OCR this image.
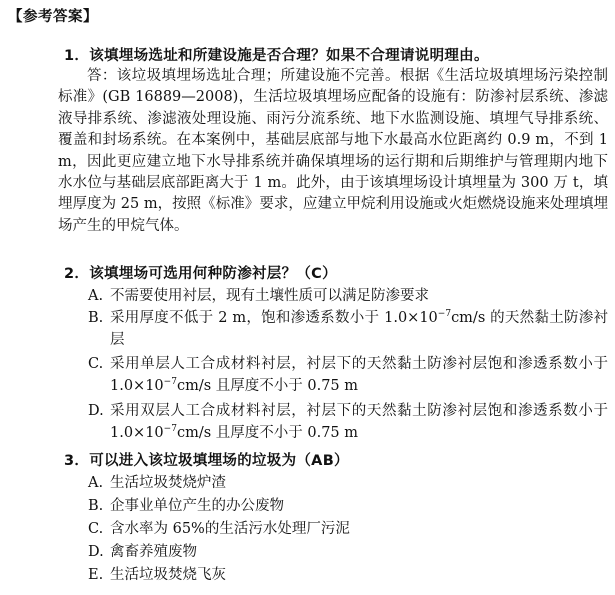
【参考答案】
1．该填埋场选址和所建设施是否合理？如果不合理请说明理由。
答：该垃圾填埋场选址合理；所建设施不完善。根据《生活垃圾填埋场污染控制标准》(GB 16889—2008)，生活垃圾填埋场应配备的设施有：防渗衬层系统、渗滤液导排系统、渗滤液处理设施、雨污分流系统、地下水监测设施、填埋气导排系统、覆盖和封场系统。在本案例中，基础层底部与地下水最高水位距离约 0.9 m，不到 1 m，因此更应建立地下水导排系统并确保填埋场的运行期和后期维护与管理期内地下水水位与基础层底部距离大于 1 m。此外，由于该填埋场设计填埋量为 300 万 t，填埋厚度为 25 m，按照《标准》要求，应建立甲烷利用设施或火炬燃烧设施来处理填埋场产生的甲烷气体。
2．该填埋场可选用何种防渗衬层？（C）
A. 不需要使用衬层，现有土壤性质可以满足防渗要求
B. 采用厚度不低于 2 m，饱和渗透系数小于 $1.0\times 10^{-7}cm/s$ 的天然黏土防渗衬层
C. 采用单层人工合成材料衬层，衬层下的天然黏土防渗衬层饱和渗透系数小于 $1.0\times 10^{-7}cm/s$ 且厚度不小于 0.75 m
D. 采用双层人工合成材料衬层，衬层下的天然黏土防渗衬层饱和渗透系数小于 $1.0\times 10^{-7}cm/s$ 且厚度不小于 0.75 m
3．可以进入该垃圾填埋场的垃圾为（AB）
A. 生活垃圾焚烧炉渣
B. 企事业单位产生的办公废物
C. 含水率为 65%的生活污水处理厂污泥
D. 禽畜养殖废物
E. 生活垃圾焚烧飞灰
